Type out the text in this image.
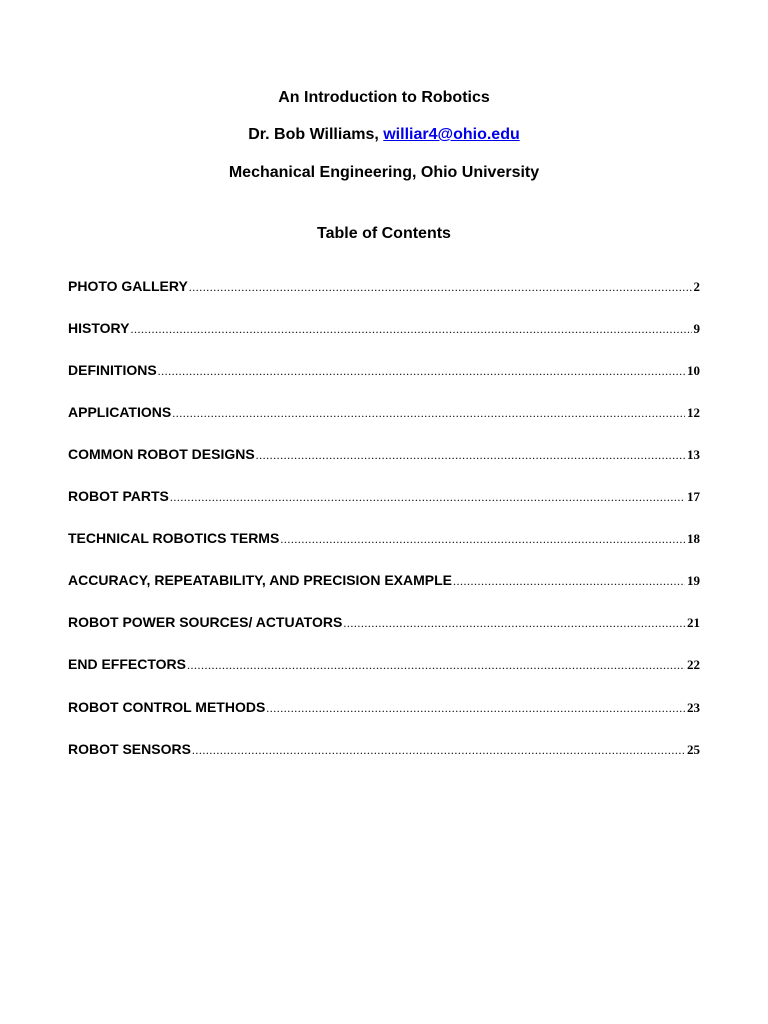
An Introduction to Robotics
Dr. Bob Williams, williar4@ohio.edu
Mechanical Engineering, Ohio University
Table of Contents
PHOTO GALLERY .....	2
HISTORY .....	9
DEFINITIONS .....	10
APPLICATIONS .....	12
COMMON ROBOT DESIGNS .....	13
ROBOT PARTS .....	17
TECHNICAL ROBOTICS TERMS .....	18
ACCURACY, REPEATABILITY, AND PRECISION EXAMPLE .....	19
ROBOT POWER SOURCES/ ACTUATORS .....	21
END EFFECTORS .....	22
ROBOT CONTROL METHODS .....	23
ROBOT SENSORS .....	25
